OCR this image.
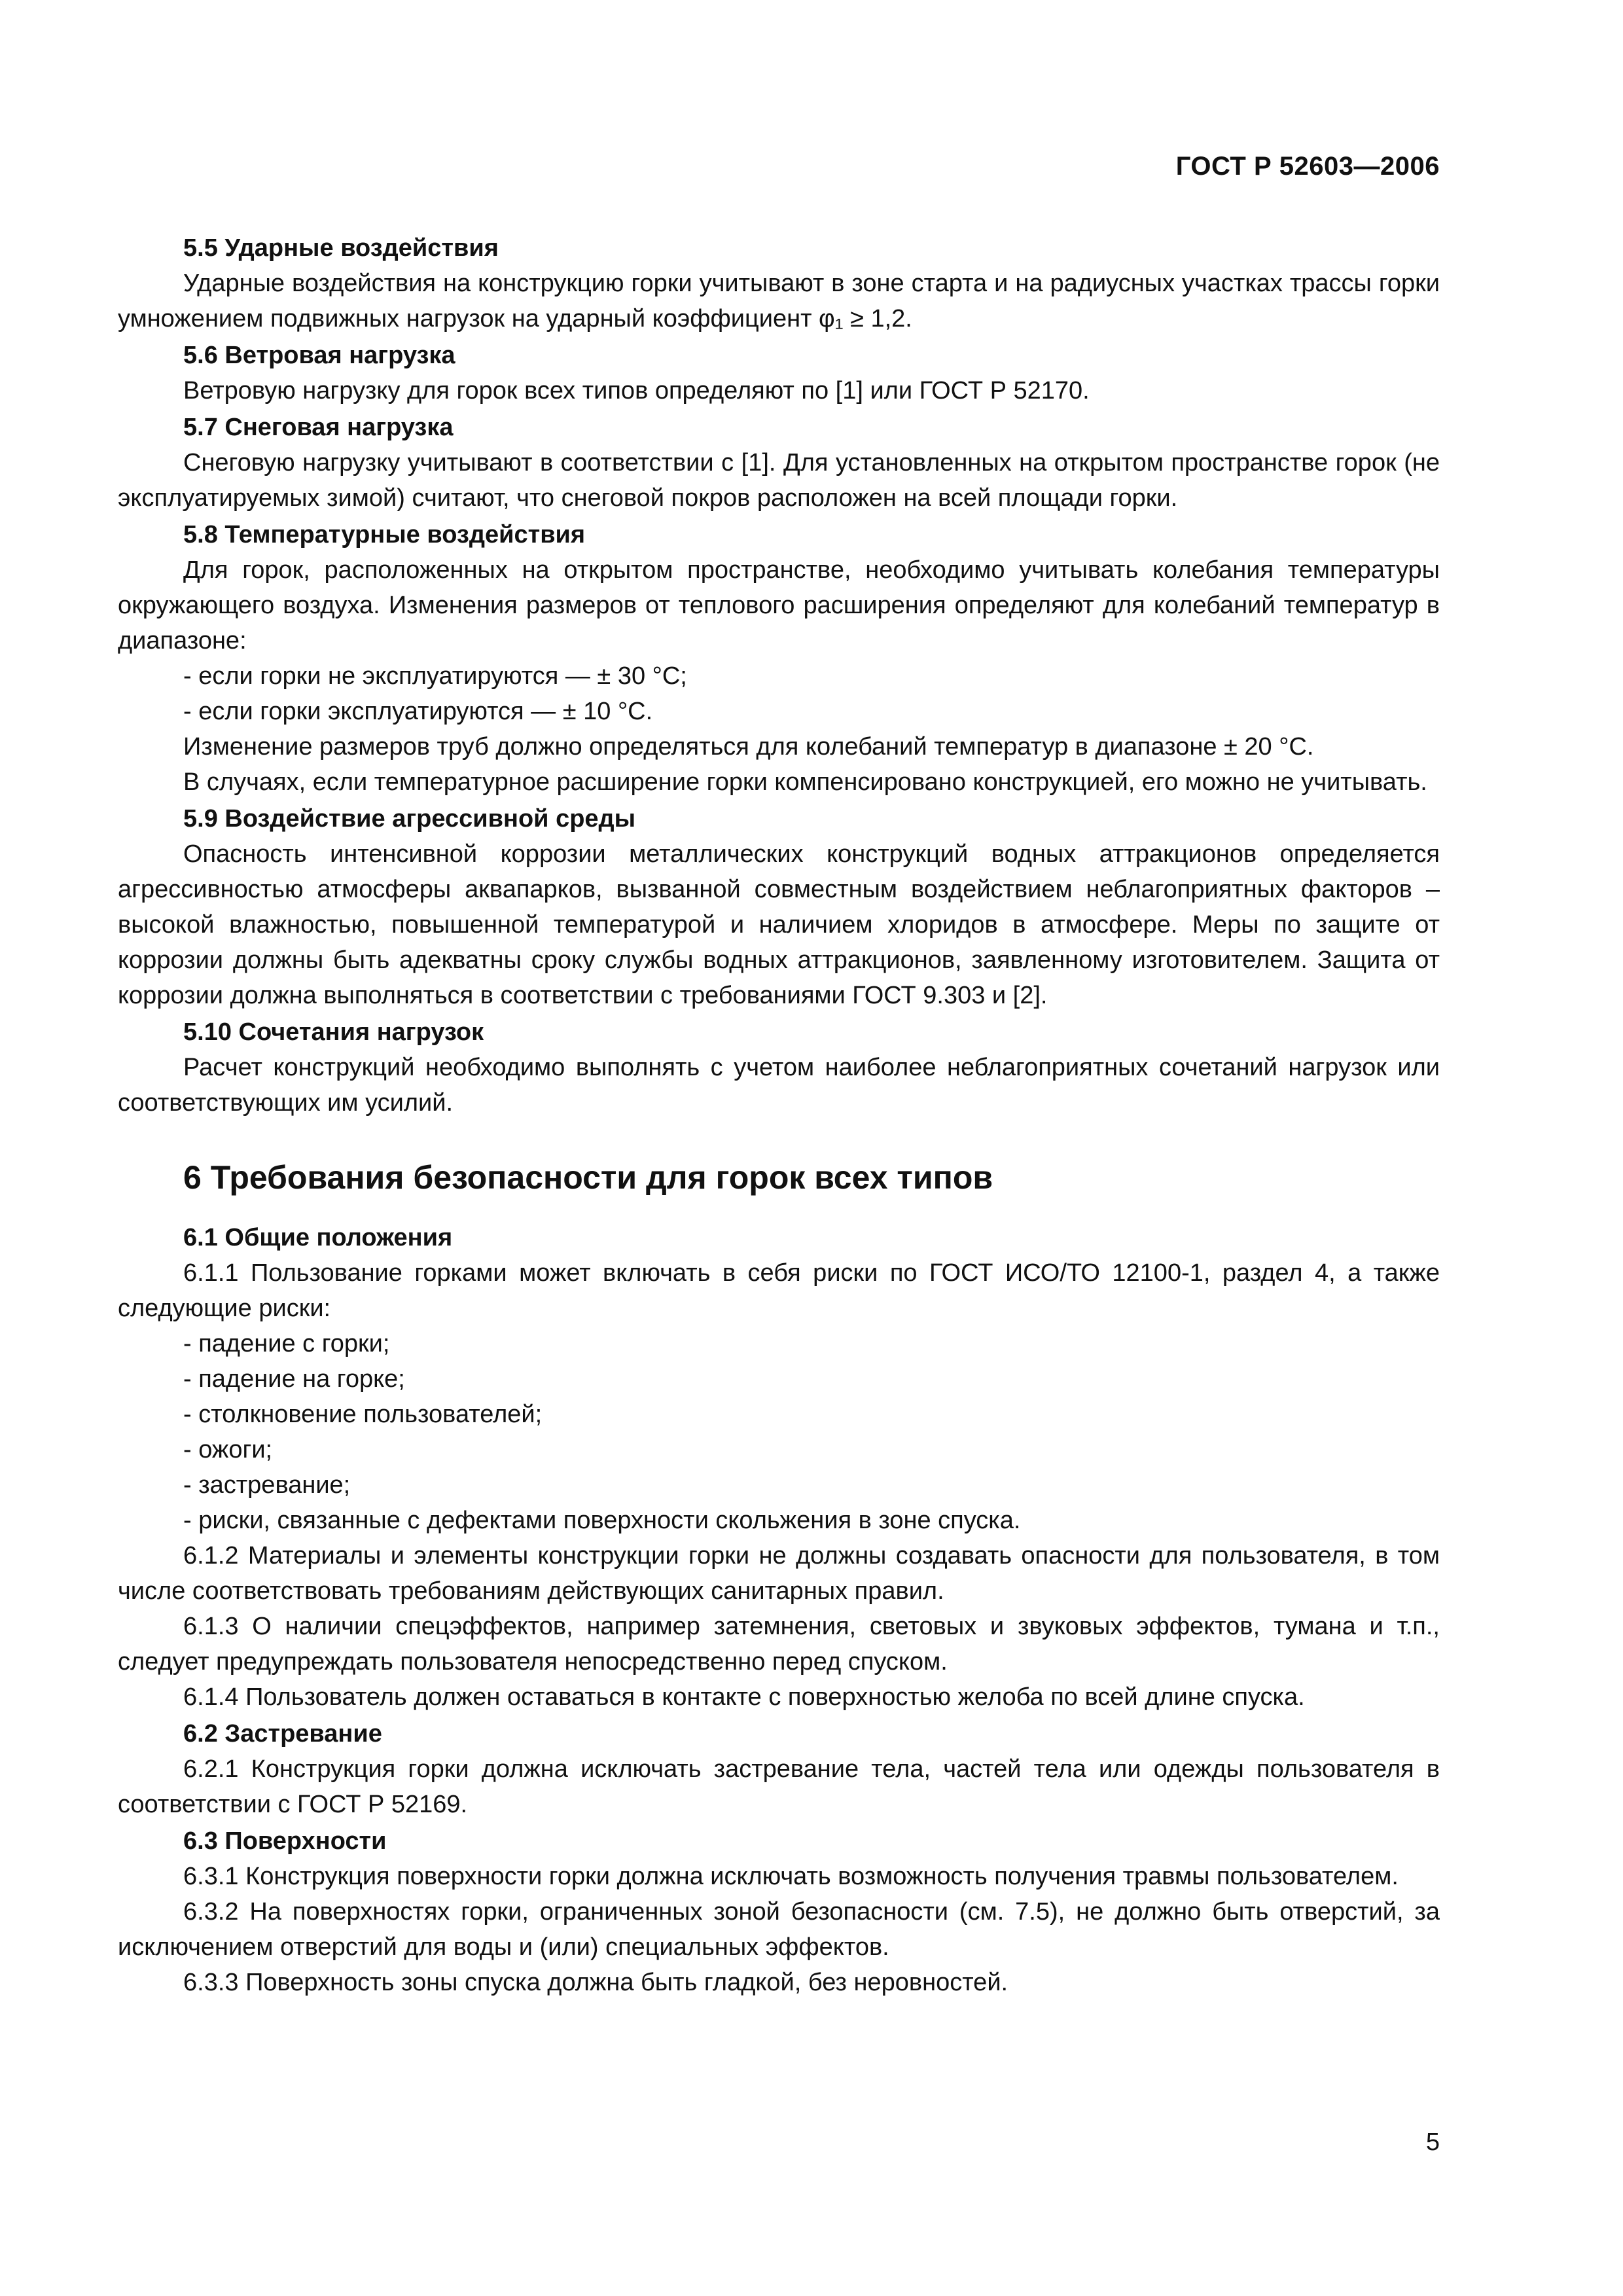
ГОСТ Р 52603—2006
5.5 Ударные воздействия
Ударные воздействия на конструкцию горки учитывают в зоне старта и на радиусных участках трассы горки умножением подвижных нагрузок на ударный коэффициент φ₁ ≥ 1,2.
5.6 Ветровая нагрузка
Ветровую нагрузку для горок всех типов определяют по [1] или ГОСТ Р 52170.
5.7 Снеговая нагрузка
Снеговую нагрузку учитывают в соответствии с [1]. Для установленных на открытом пространстве горок (не эксплуатируемых зимой) считают, что снеговой покров расположен на всей площади горки.
5.8 Температурные воздействия
Для горок, расположенных на открытом пространстве, необходимо учитывать колебания температуры окружающего воздуха. Изменения размеров от теплового расширения определяют для колебаний температур в диапазоне:
- если горки не эксплуатируются — ± 30 °С;
- если горки эксплуатируются — ± 10 °С.
Изменение размеров труб должно определяться для колебаний температур в диапазоне ± 20 °С.
В случаях, если температурное расширение горки компенсировано конструкцией, его можно не учитывать.
5.9 Воздействие агрессивной среды
Опасность интенсивной коррозии металлических конструкций водных аттракционов определяется агрессивностью атмосферы аквапарков, вызванной совместным воздействием неблагоприятных факторов – высокой влажностью, повышенной температурой и наличием хлоридов в атмосфере. Меры по защите от коррозии должны быть адекватны сроку службы водных аттракционов, заявленному изготовителем. Защита от коррозии должна выполняться в соответствии с требованиями ГОСТ 9.303 и [2].
5.10 Сочетания нагрузок
Расчет конструкций необходимо выполнять с учетом наиболее неблагоприятных сочетаний нагрузок или соответствующих им усилий.
6 Требования безопасности для горок всех типов
6.1 Общие положения
6.1.1 Пользование горками может включать в себя риски по ГОСТ ИСО/ТО 12100-1, раздел 4, а также следующие риски:
- падение с горки;
- падение на горке;
- столкновение пользователей;
- ожоги;
- застревание;
- риски, связанные с дефектами поверхности скольжения в зоне спуска.
6.1.2 Материалы и элементы конструкции горки не должны создавать опасности для пользователя, в том числе соответствовать требованиям действующих санитарных правил.
6.1.3 О наличии спецэффектов, например затемнения, световых и звуковых эффектов, тумана и т.п., следует предупреждать пользователя непосредственно перед спуском.
6.1.4 Пользователь должен оставаться в контакте с поверхностью желоба по всей длине спуска.
6.2 Застревание
6.2.1 Конструкция горки должна исключать застревание тела, частей тела или одежды пользователя в соответствии с ГОСТ Р 52169.
6.3 Поверхности
6.3.1 Конструкция поверхности горки должна исключать возможность получения травмы пользователем.
6.3.2 На поверхностях горки, ограниченных зоной безопасности (см. 7.5), не должно быть отверстий, за исключением отверстий для воды и (или) специальных эффектов.
6.3.3 Поверхность зоны спуска должна быть гладкой, без неровностей.
5
